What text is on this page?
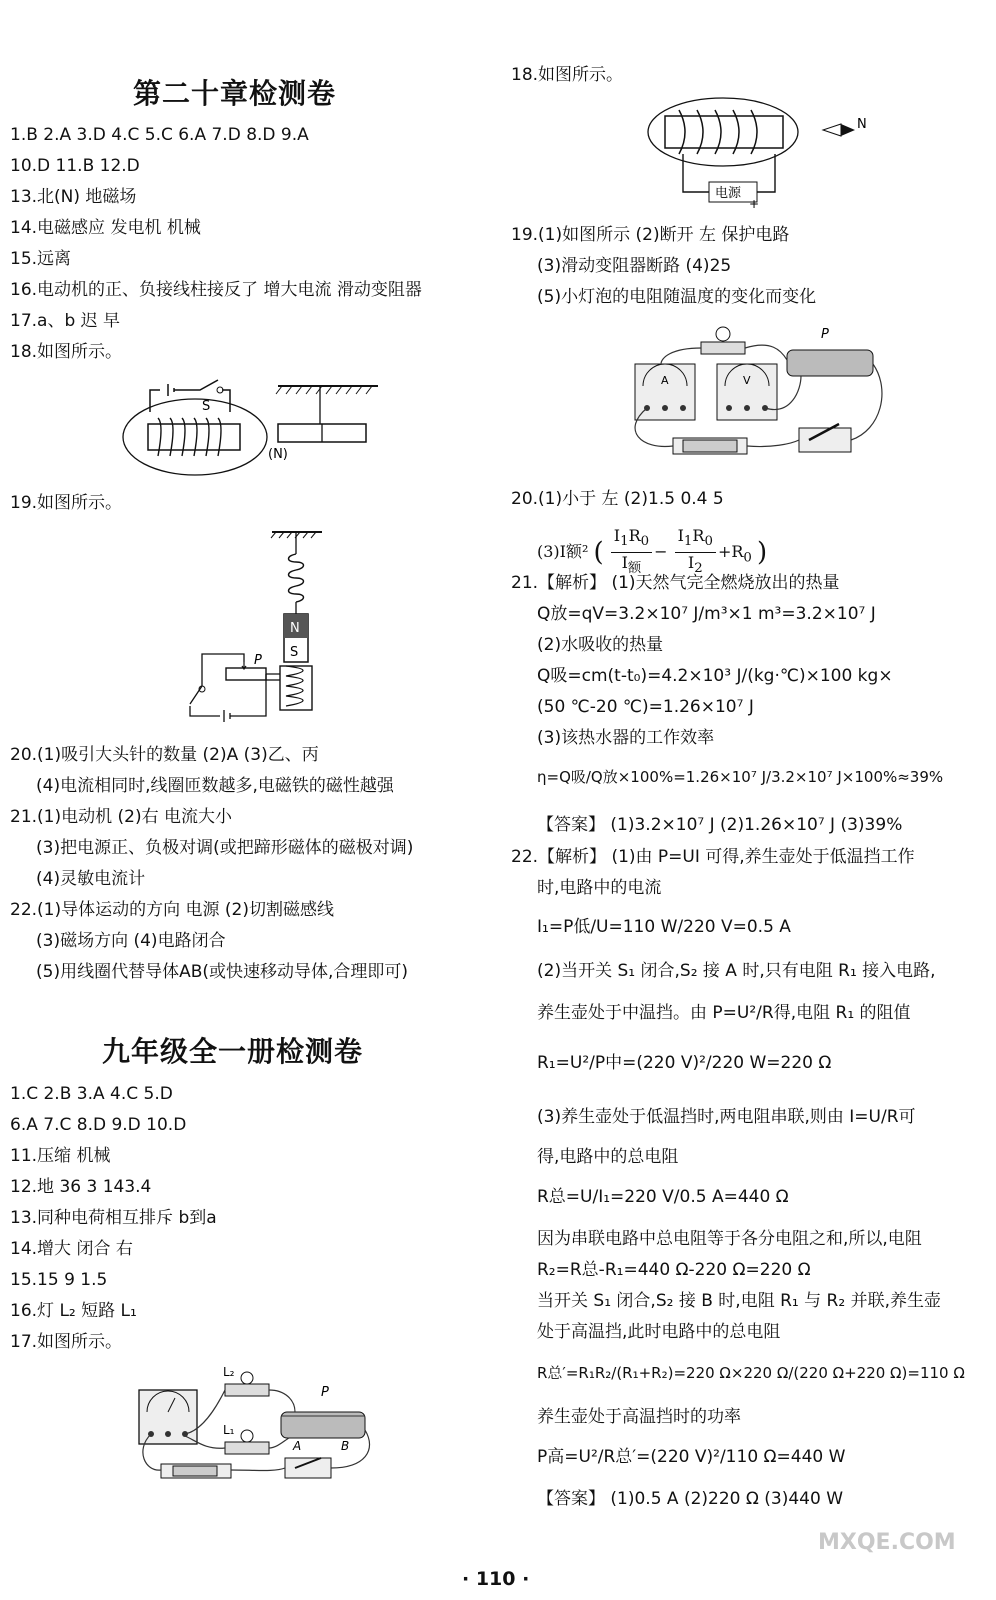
第二十章检测卷
1.B 2.A 3.D 4.C 5.C 6.A 7.D 8.D 9.A
10.D 11.B 12.D
13.北(N) 地磁场
14.电磁感应 发电机 机械
15.远离
16.电动机的正、负接线柱接反了 增大电流 滑动变阻器
17.a、b 迟 早
18.如图所示。
S
(N)
19.如图所示。
N
S
P
20.(1)吸引大头针的数量 (2)A (3)乙、丙
(4)电流相同时,线圈匝数越多,电磁铁的磁性越强
21.(1)电动机 (2)右 电流大小
(3)把电源正、负极对调(或把蹄形磁体的磁极对调)
(4)灵敏电流计
22.(1)导体运动的方向 电源 (2)切割磁感线
(3)磁场方向 (4)电路闭合
(5)用线圈代替导体AB(或快速移动导体,合理即可)
九年级全一册检测卷
1.C 2.B 3.A 4.C 5.D
6.A 7.C 8.D 9.D 10.D
11.压缩 机械
12.地 36 3 143.4
13.同种电荷相互排斥 b到a
14.增大 闭合 右
15.15 9 1.5
16.灯 L₂ 短路 L₁
17.如图所示。
L₂
L₁
P
A	B
18.如图所示。
电源
+
N
19.(1)如图所示 (2)断开 左 保护电路
(3)滑动变阻器断路 (4)25
(5)小灯泡的电阻随温度的变化而变化
A	V
P
20.(1)小于 左 (2)1.5 0.4 5
(3)I额² ( $\frac{I_1R_0}{I_额} - \frac{I_1R_0}{I_2} +R_0$ )
21.【解析】 (1)天然气完全燃烧放出的热量
Q放=qV=3.2×10⁷ J/m³×1 m³=3.2×10⁷ J
(2)水吸收的热量
Q吸=cm(t-t₀)=4.2×10³ J/(kg·℃)×100 kg×
(50 ℃-20 ℃)=1.26×10⁷ J
(3)该热水器的工作效率
η=Q吸/Q放×100%=1.26×10⁷ J/3.2×10⁷ J×100%≈39%
【答案】 (1)3.2×10⁷ J (2)1.26×10⁷ J (3)39%
22.【解析】 (1)由 P=UI 可得,养生壶处于低温挡工作
时,电路中的电流
I₁=P低/U=110 W/220 V=0.5 A
(2)当开关 S₁ 闭合,S₂ 接 A 时,只有电阻 R₁ 接入电路,
养生壶处于中温挡。由 P=U²/R得,电阻 R₁ 的阻值
R₁=U²/P中=(220 V)²/220 W=220 Ω
(3)养生壶处于低温挡时,两电阻串联,则由 I=U/R可
得,电路中的总电阻
R总=U/I₁=220 V/0.5 A=440 Ω
因为串联电路中总电阻等于各分电阻之和,所以,电阻
R₂=R总-R₁=440 Ω-220 Ω=220 Ω
当开关 S₁ 闭合,S₂ 接 B 时,电阻 R₁ 与 R₂ 并联,养生壶
处于高温挡,此时电路中的总电阻
R总′=R₁R₂/(R₁+R₂)=220 Ω×220 Ω/(220 Ω+220 Ω)=110 Ω
养生壶处于高温挡时的功率
P高=U²/R总′=(220 V)²/110 Ω=440 W
【答案】 (1)0.5 A (2)220 Ω (3)440 W
MXQE.COM
· 110 ·
